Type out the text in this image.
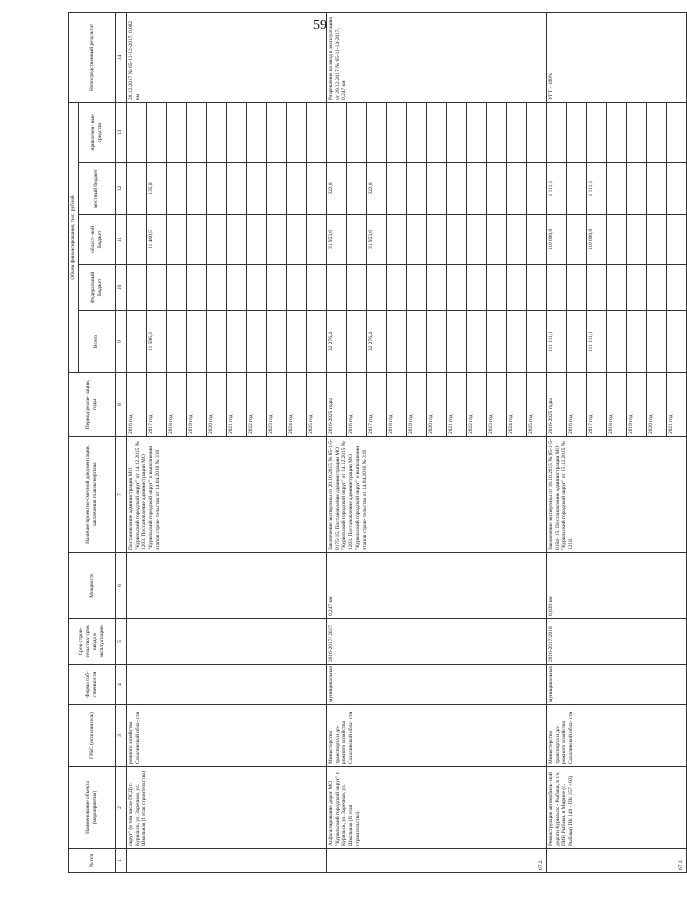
59
№ п/п	Наименование объекта (мероприятия)	ГРБС (исполнитель)	Форма соб- ственности	Срок строи- тельства/ срок ввода в эксплуатацию	Мощность	Наличие проектно-сметной документации, заключения главэкспертизы	Период реали- зации, годы	Объем финансирования, тыс. рублей					Непосредственный результат
								Всего	Федеральный бюджет	област- ной бюджет	местный бюджет	привлечен- ные средства	
1	2	3	4	5	6	7	8	9	10	11	12	13	14
	округ" (в том числе ПСД) г. Курильск, ул. Заречная, ул. Школьная (I этап строительства)	ронного хозяйства Сахалинской обла- сти				Постановление администрации МО "Курильский городской округ" от 14.12.2015 № 1203. Постановление администрации МО "Курильский городской округ" о выполнении этапов строи- тельства от 14.04.2016 № 316	2016 год						28.12.2017 № 65-11-12-2017, 0,082 км
							2017 год	11 596,3		11 460,5	135,8		
							2018 год						
							2019 год						
							2020 год						
							2021 год						
							2022 год						
							2023 год						
							2024 год						
							2025 год						
67.2.	Асфальтирование дорог МО "Курильский городской округ" г. Курильск, ул. Заречная, ул. Школьная (II этап строительства)	Министерство транспорта и до- рожного хозяйства Сахалинской обла- сти	муниципальная	2016-2017/ 2017	0,247 км	Заключение экспертизы от 20.10.2015 № 65-1-5-0175-15. Постановление администрации МО "Курильский городской округ" от 14.12.2015 № 1203. Постановление администрации МО "Курильский городской округ" о выполнении этапов строи- тельства от 14.04.2016 № 316	2016-2025 годы	32 276,4		31 953,6	322,8		Разрешение на ввод в эксплуатацию от 28.12.2017 № 65-11-14-2017, 0,247 км
							2016 год						
							2017 год	32 276,4		31 953,6	322,8		
							2018 год						
							2019 год						
							2020 год						
							2021 год						
							2022 год						
							2023 год						
							2024 год						
							2025 год						
67.3.	Реконструкция автомобиль- ной дороги Курильск - Рыбаки, в т.ч. ПИР, Рыбаки, в Мирное (с. Рыбаки) ПК 149 - ПК 157 +93)	Министерство транспорта и до- рожного хозяйства Сахалинской обла- сти	муниципальная	2016-2017/2018	0,839 км	Заключение экспертизы от 16.10.2015 № 65-1-5-0184- 15. Постановление администрации МО "Курильский городской округ" от 15.12.2015 № 1218.	2016-2025 годы	111 111,1		110 000,0	1 111,1		УГТ - 100%
							2016 год						
							2017 год	111 111,1		110 000,0	1 111,1		
							2018 год						
							2019 год						
							2020 год						
							2021 год						
